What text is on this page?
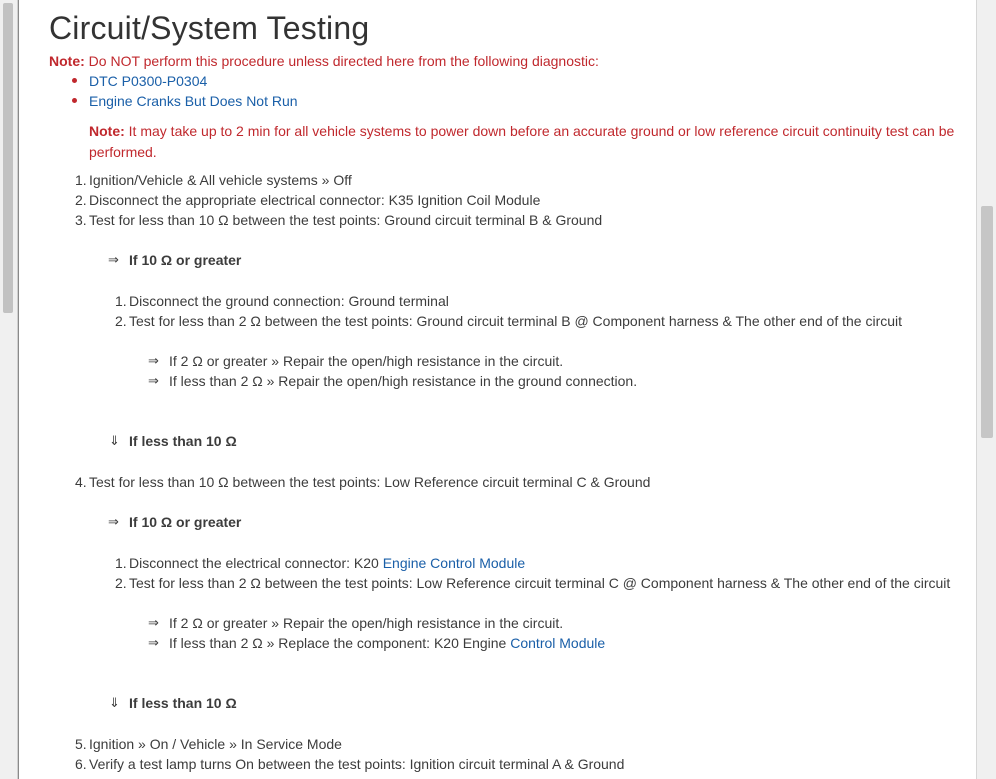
Circuit/System Testing
Note: Do NOT perform this procedure unless directed here from the following diagnostic:
DTC P0300-P0304
Engine Cranks But Does Not Run
Note: It may take up to 2 min for all vehicle systems to power down before an accurate ground or low reference circuit continuity test can be performed.
1. Ignition/Vehicle & All vehicle systems » Off
2. Disconnect the appropriate electrical connector: K35 Ignition Coil Module
3. Test for less than 10 Ω between the test points: Ground circuit terminal B & Ground
⇒ If 10 Ω or greater
1. Disconnect the ground connection: Ground terminal
2. Test for less than 2 Ω between the test points: Ground circuit terminal B @ Component harness & The other end of the circuit
⇒ If 2 Ω or greater » Repair the open/high resistance in the circuit.
⇒ If less than 2 Ω » Repair the open/high resistance in the ground connection.
⇓ If less than 10 Ω
4. Test for less than 10 Ω between the test points: Low Reference circuit terminal C & Ground
⇒ If 10 Ω or greater
1. Disconnect the electrical connector: K20 Engine Control Module
2. Test for less than 2 Ω between the test points: Low Reference circuit terminal C @ Component harness & The other end of the circuit
⇒ If 2 Ω or greater » Repair the open/high resistance in the circuit.
⇒ If less than 2 Ω » Replace the component: K20 Engine Control Module
⇓ If less than 10 Ω
5. Ignition » On / Vehicle » In Service Mode
6. Verify a test lamp turns On between the test points: Ignition circuit terminal A & Ground
